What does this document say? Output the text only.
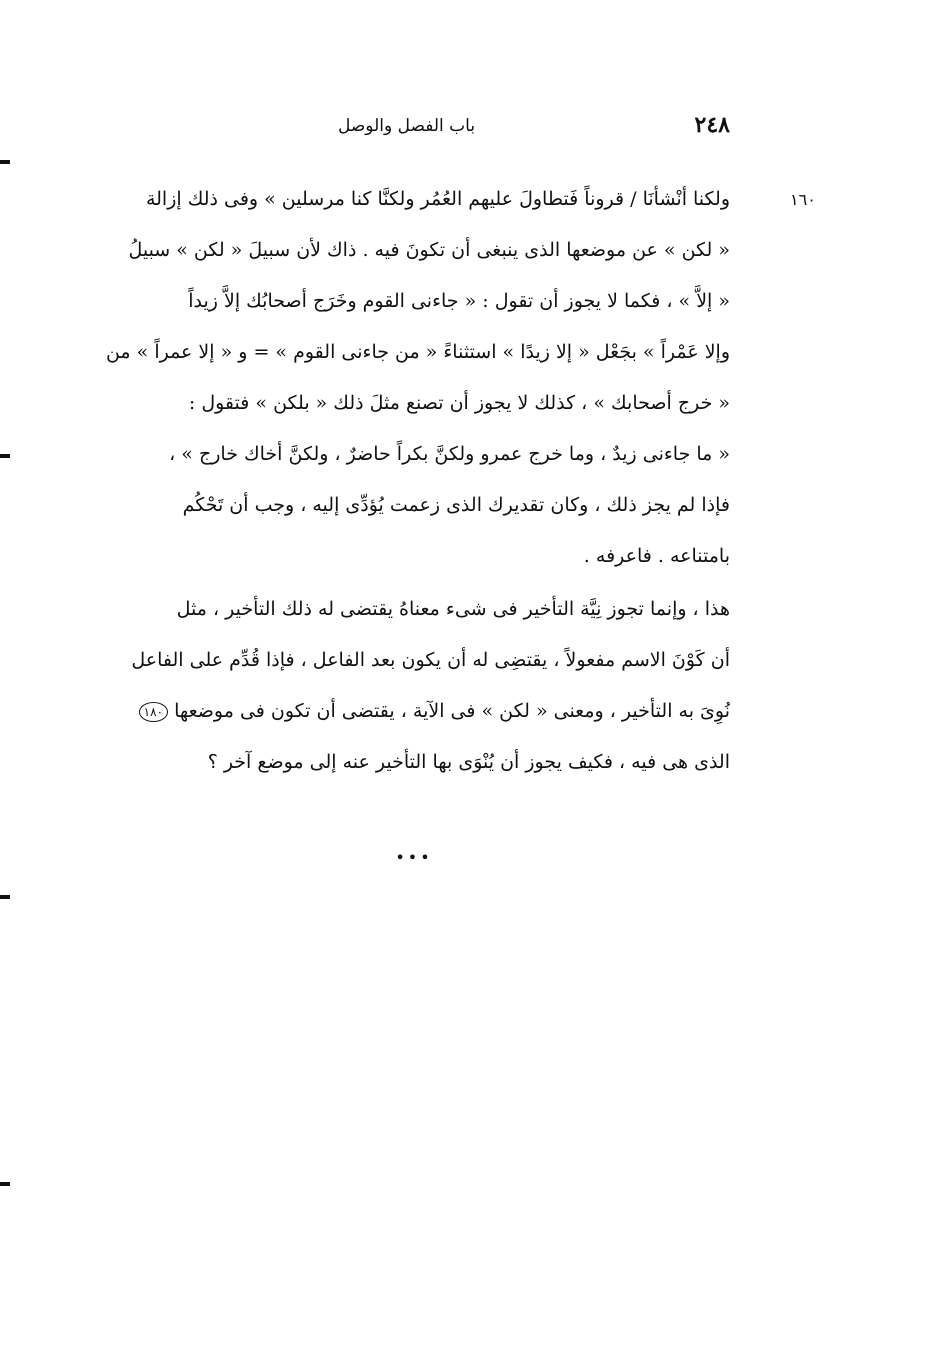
باب الفصل والوصل	٢٤٨
١٦٠
ولكنا أنْشأنَا / قروناً فَتطاولَ عليهم العُمُر ولكنَّا كنا مرسلين » وفى ذلك إزالة
« لكن » عن موضعها الذى ينبغى أن تكونَ فيه . ذاك لأن سبيلَ « لكن » سبيلُ
« إلاَّ » ، فكما لا يجوز أن تقول : « جاءنى القوم وخَرَج أصحابُك إلاَّ زيداً
وإلا عَمْراً » بجَعْل « إلا زيدًا » استثناءً « من جاءنى القوم » = و « إلا عمراً » من
« خرج أصحابك » ، كذلك لا يجوز أن تصنع مثلَ ذلك « بلكن » فتقول :
« ما جاءنى زيدٌ ، وما خرج عمرو ولكنَّ بكراً حاضرٌ ، ولكنَّ أخاك خارج » ،
فإذا لم يجز ذلك ، وكان تقديرك الذى زعمت يُؤدِّى إليه ، وجب أن تَحْكُم
بامتناعه . فاعرفه .
هذا ، وإنما تجوز نِيَّة التأخير فى شىء معناهُ يقتضى له ذلك التأخير ، مثل
أن كَوْنَ الاسم مفعولاً ، يقتضِى له أن يكون بعد الفاعل ، فإذا قُدِّم على الفاعل
نُوِىَ به التأخير ، ومعنى « لكن » فى الآية ، يقتضى أن تكون فى موضعها ١٨٠
الذى هى فيه ، فكيف يجوز أن يُنْوَى بها التأخير عنه إلى موضع آخر ؟
•••
